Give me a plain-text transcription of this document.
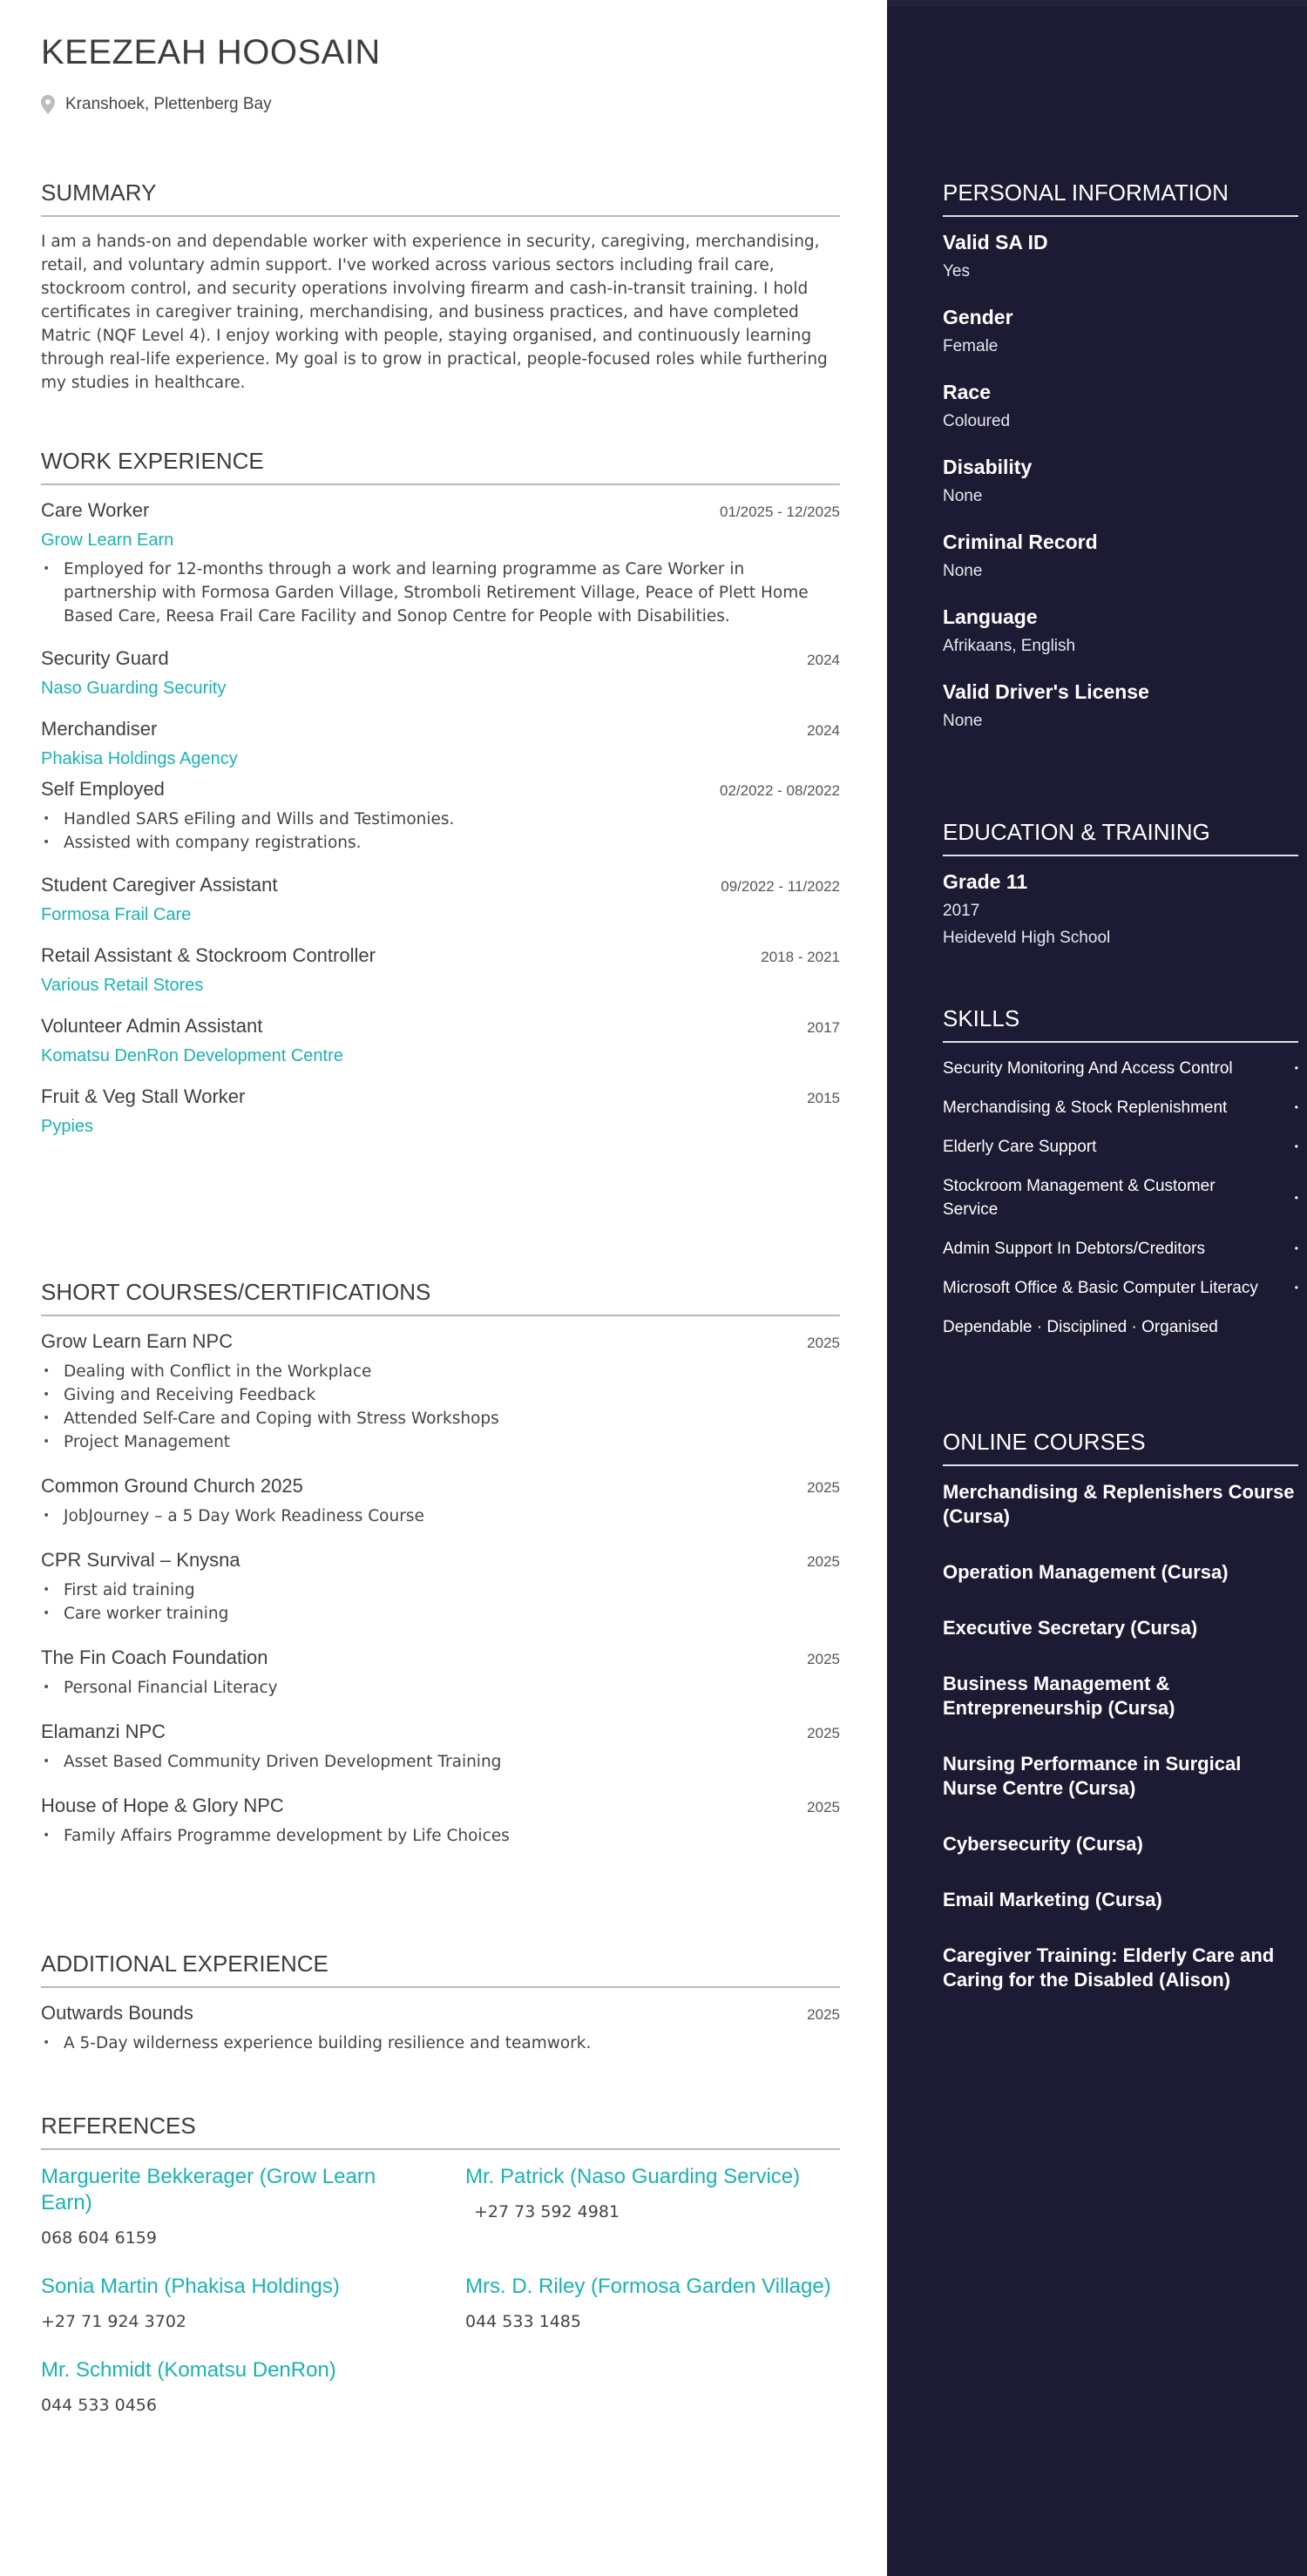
KEEZEAH HOOSAIN
Kranshoek, Plettenberg Bay
SUMMARY
I am a hands-on and dependable worker with experience in security, caregiving, merchandising, retail, and voluntary admin support. I've worked across various sectors including frail care, stockroom control, and security operations involving firearm and cash-in-transit training. I hold certificates in caregiver training, merchandising, and business practices, and have completed Matric (NQF Level 4). I enjoy working with people, staying organised, and continuously learning through real-life experience. My goal is to grow in practical, people-focused roles while furthering my studies in healthcare.
WORK EXPERIENCE
Care Worker	01/2025 - 12/2025
Grow Learn Earn
• Employed for 12-months through a work and learning programme as Care Worker in partnership with Formosa Garden Village, Stromboli Retirement Village, Peace of Plett Home Based Care, Reesa Frail Care Facility and Sonop Centre for People with Disabilities.
Security Guard	2024
Naso Guarding Security
Merchandiser	2024
Phakisa Holdings Agency
Self Employed	02/2022 - 08/2022
• Handled SARS eFiling and Wills and Testimonies.
• Assisted with company registrations.
Student Caregiver Assistant	09/2022 - 11/2022
Formosa Frail Care
Retail Assistant & Stockroom Controller	2018 - 2021
Various Retail Stores
Volunteer Admin Assistant	2017
Komatsu DenRon Development Centre
Fruit & Veg Stall Worker	2015
Pypies
SHORT COURSES/CERTIFICATIONS
Grow Learn Earn NPC	2025
• Dealing with Conflict in the Workplace
• Giving and Receiving Feedback
• Attended Self-Care and Coping with Stress Workshops
• Project Management
Common Ground Church 2025	2025
• JobJourney – a 5 Day Work Readiness Course
CPR Survival – Knysna	2025
• First aid training
• Care worker training
The Fin Coach Foundation	2025
• Personal Financial Literacy
Elamanzi NPC	2025
• Asset Based Community Driven Development Training
House of Hope & Glory NPC	2025
• Family Affairs Programme development by Life Choices
ADDITIONAL EXPERIENCE
Outwards Bounds	2025
• A 5-Day wilderness experience building resilience and teamwork.
REFERENCES
Marguerite Bekkerager (Grow Learn Earn)
068 604 6159
Mr. Patrick (Naso Guarding Service)
+27 73 592 4981
Sonia Martin (Phakisa Holdings)
+27 71 924 3702
Mrs. D. Riley (Formosa Garden Village)
044 533 1485
Mr. Schmidt (Komatsu DenRon)
044 533 0456
PERSONAL INFORMATION
Valid SA ID
Yes
Gender
Female
Race
Coloured
Disability
None
Criminal Record
None
Language
Afrikaans, English
Valid Driver's License
None
EDUCATION & TRAINING
Grade 11
2017
Heideveld High School
SKILLS
Security Monitoring And Access Control	•
Merchandising & Stock Replenishment	•
Elderly Care Support	•
Stockroom Management & Customer Service
•
Admin Support In Debtors/Creditors	•
Microsoft Office & Basic Computer Literacy	•
Dependable · Disciplined · Organised
ONLINE COURSES
Merchandising & Replenishers Course (Cursa)
Operation Management (Cursa)
Executive Secretary (Cursa)
Business Management & Entrepreneurship (Cursa)
Nursing Performance in Surgical Nurse Centre (Cursa)
Cybersecurity (Cursa)
Email Marketing (Cursa)
Caregiver Training: Elderly Care and Caring for the Disabled (Alison)
